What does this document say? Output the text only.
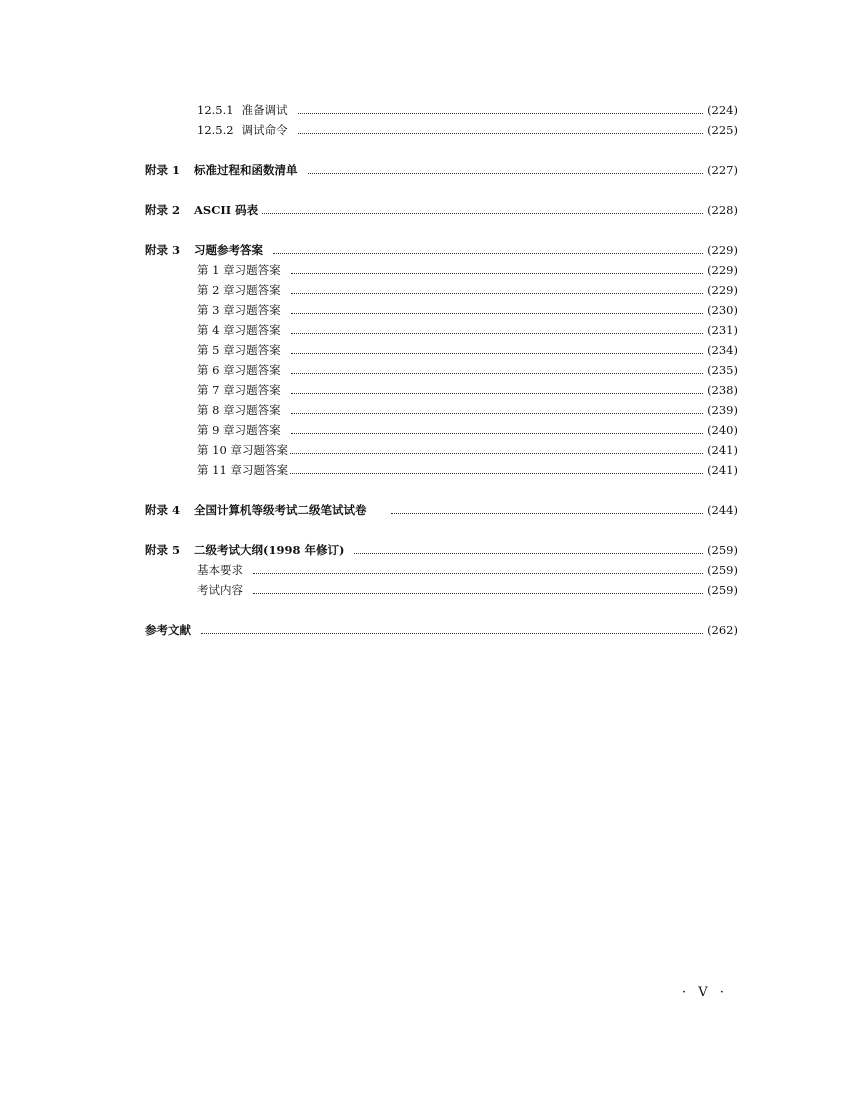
12.5.1 准备调试	(224)
12.5.2 调试命令	(225)
附录 1	标准过程和函数清单	(227)
附录 2	ASCII 码表	(228)
附录 3	习题参考答案	(229)
第 1 章习题答案	(229)
第 2 章习题答案	(229)
第 3 章习题答案	(230)
第 4 章习题答案	(231)
第 5 章习题答案	(234)
第 6 章习题答案	(235)
第 7 章习题答案	(238)
第 8 章习题答案	(239)
第 9 章习题答案	(240)
第 10 章习题答案	(241)
第 11 章习题答案	(241)
附录 4	全国计算机等级考试二级笔试试卷	(244)
附录 5	二级考试大纲(1998 年修订)	(259)
基本要求	(259)
考试内容	(259)
参考文献	(262)
· V ·
